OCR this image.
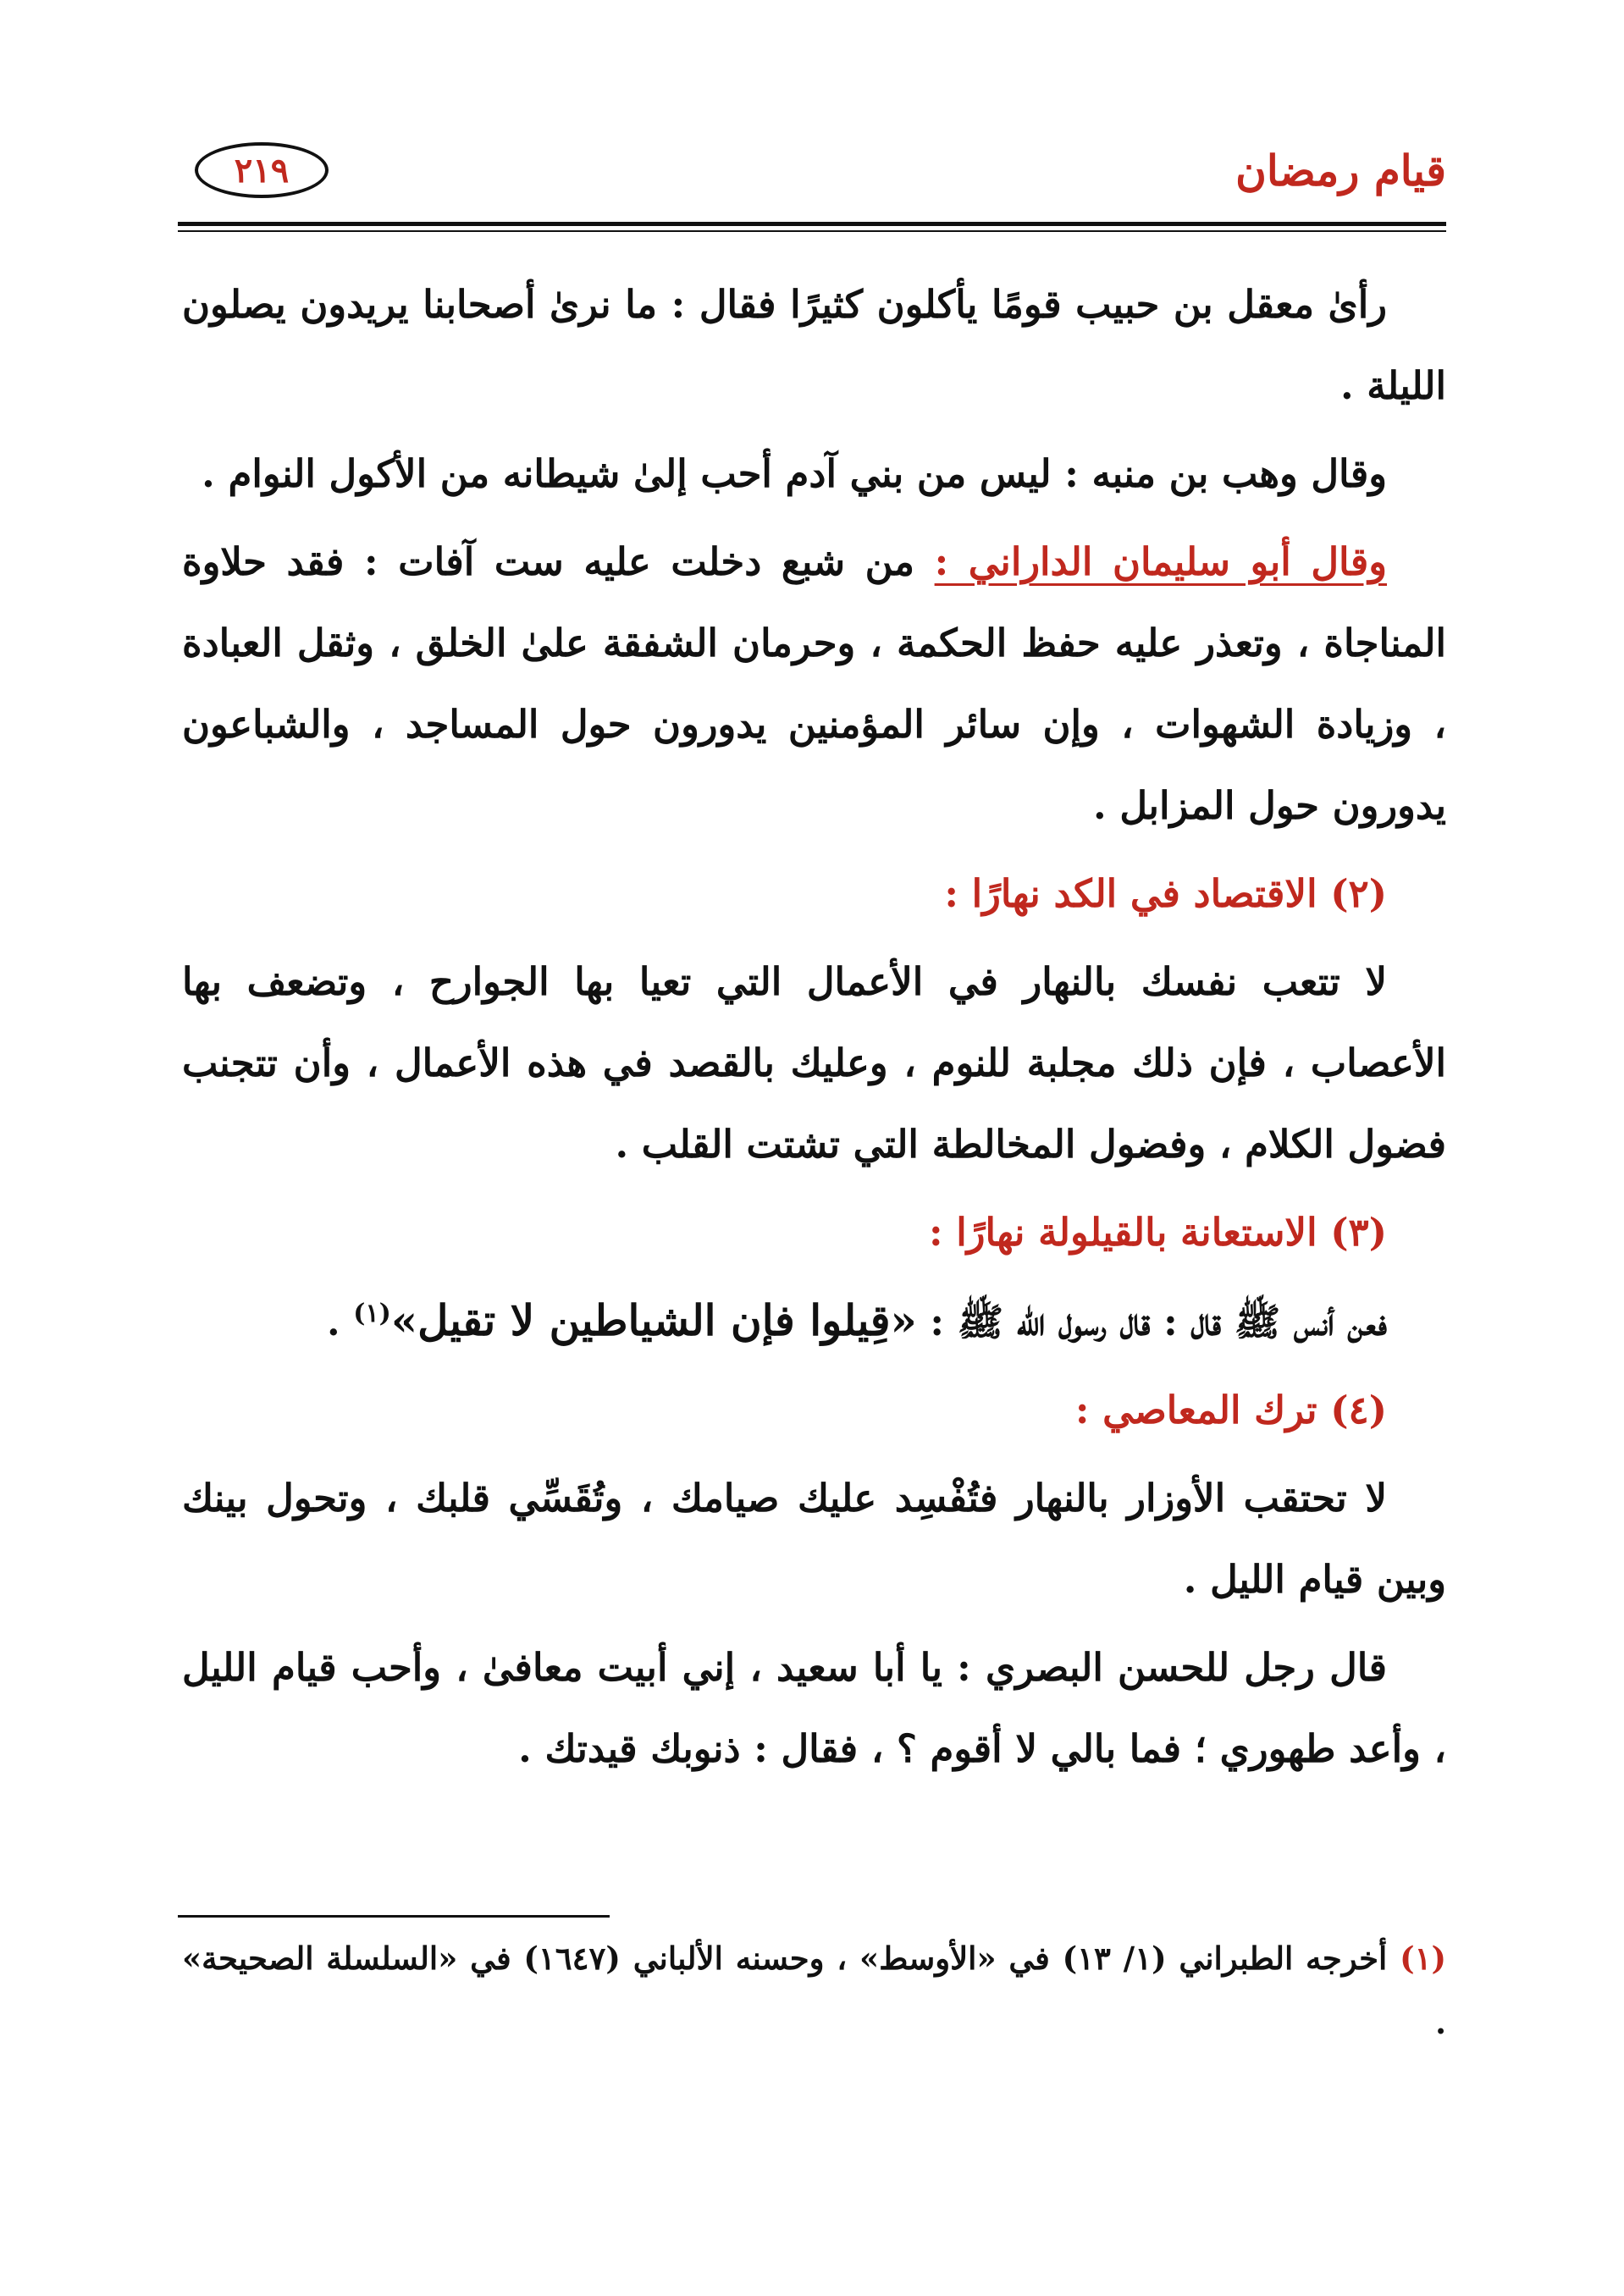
قيام رمضان
٢١٩

رأىٰ معقل بن حبيب قومًا يأكلون كثيرًا فقال : ما نرىٰ أصحابنا يريدون يصلون الليلة .

وقال وهب بن منبه : ليس من بني آدم أحب إلىٰ شيطانه من الأكول النوام .

وقال أبو سليمان الداراني : من شبع دخلت عليه ست آفات : فقد حلاوة المناجاة ، وتعذر عليه حفظ الحكمة ، وحرمان الشفقة علىٰ الخلق ، وثقل العبادة ، وزيادة الشهوات ، وإن سائر المؤمنين يدورون حول المساجد ، والشباعون يدورون حول المزابل .

(٢) الاقتصاد في الكد نهارًا :

لا تتعب نفسك بالنهار في الأعمال التي تعيا بها الجوارح ، وتضعف بها الأعصاب ، فإن ذلك مجلبة للنوم ، وعليك بالقصد في هذه الأعمال ، وأن تتجنب فضول الكلام ، وفضول المخالطة التي تشتت القلب .

(٣) الاستعانة بالقيلولة نهارًا :

فعن أنس ﷺ قال : قال رسول اللّه ﷺ : «قِيلوا فإن الشياطين لا تقيل»$^{(١)}$ .

(٤) ترك المعاصي :

لا تحتقب الأوزار بالنهار فتُفْسِد عليك صيامك ، وتُقَسِّي قلبك ، وتحول بينك وبين قيام الليل .

قال رجل للحسن البصري : يا أبا سعيد ، إني أبيت معافىٰ ، وأحب قيام الليل ، وأعد طهوري ؛ فما بالي لا أقوم ؟ ، فقال : ذنوبك قيدتك .

(١) أخرجه الطبراني (١/ ١٣) في «الأوسط» ، وحسنه الألباني (١٦٤٧) في «السلسلة الصحيحة» .
